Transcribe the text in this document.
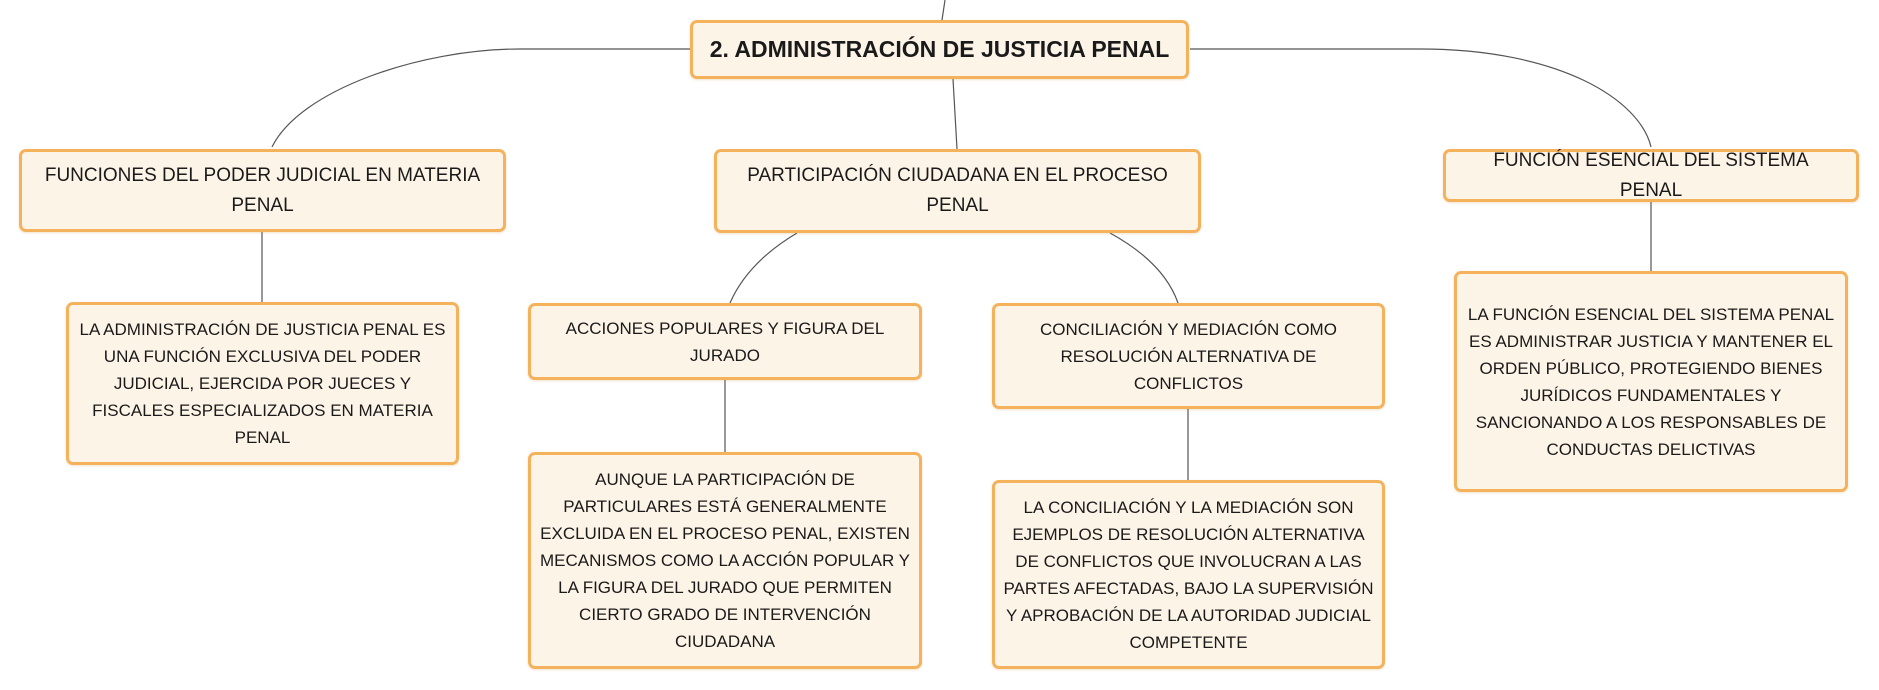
2. ADMINISTRACIÓN DE JUSTICIA PENAL
FUNCIONES DEL PODER JUDICIAL EN MATERIA PENAL
PARTICIPACIÓN CIUDADANA EN EL PROCESO PENAL
FUNCIÓN ESENCIAL DEL SISTEMA PENAL
LA ADMINISTRACIÓN DE JUSTICIA PENAL ES UNA FUNCIÓN EXCLUSIVA DEL PODER JUDICIAL, EJERCIDA POR JUECES Y FISCALES ESPECIALIZADOS EN MATERIA PENAL
ACCIONES POPULARES Y FIGURA DEL JURADO
CONCILIACIÓN Y MEDIACIÓN COMO RESOLUCIÓN ALTERNATIVA DE CONFLICTOS
AUNQUE LA PARTICIPACIÓN DE PARTICULARES ESTÁ GENERALMENTE EXCLUIDA EN EL PROCESO PENAL, EXISTEN MECANISMOS COMO LA ACCIÓN POPULAR Y LA FIGURA DEL JURADO QUE PERMITEN CIERTO GRADO DE INTERVENCIÓN CIUDADANA
LA CONCILIACIÓN Y LA MEDIACIÓN SON EJEMPLOS DE RESOLUCIÓN ALTERNATIVA DE CONFLICTOS QUE INVOLUCRAN A LAS PARTES AFECTADAS, BAJO LA SUPERVISIÓN Y APROBACIÓN DE LA AUTORIDAD JUDICIAL COMPETENTE
LA FUNCIÓN ESENCIAL DEL SISTEMA PENAL ES ADMINISTRAR JUSTICIA Y MANTENER EL ORDEN PÚBLICO, PROTEGIENDO BIENES JURÍDICOS FUNDAMENTALES Y SANCIONANDO A LOS RESPONSABLES DE CONDUCTAS DELICTIVAS
